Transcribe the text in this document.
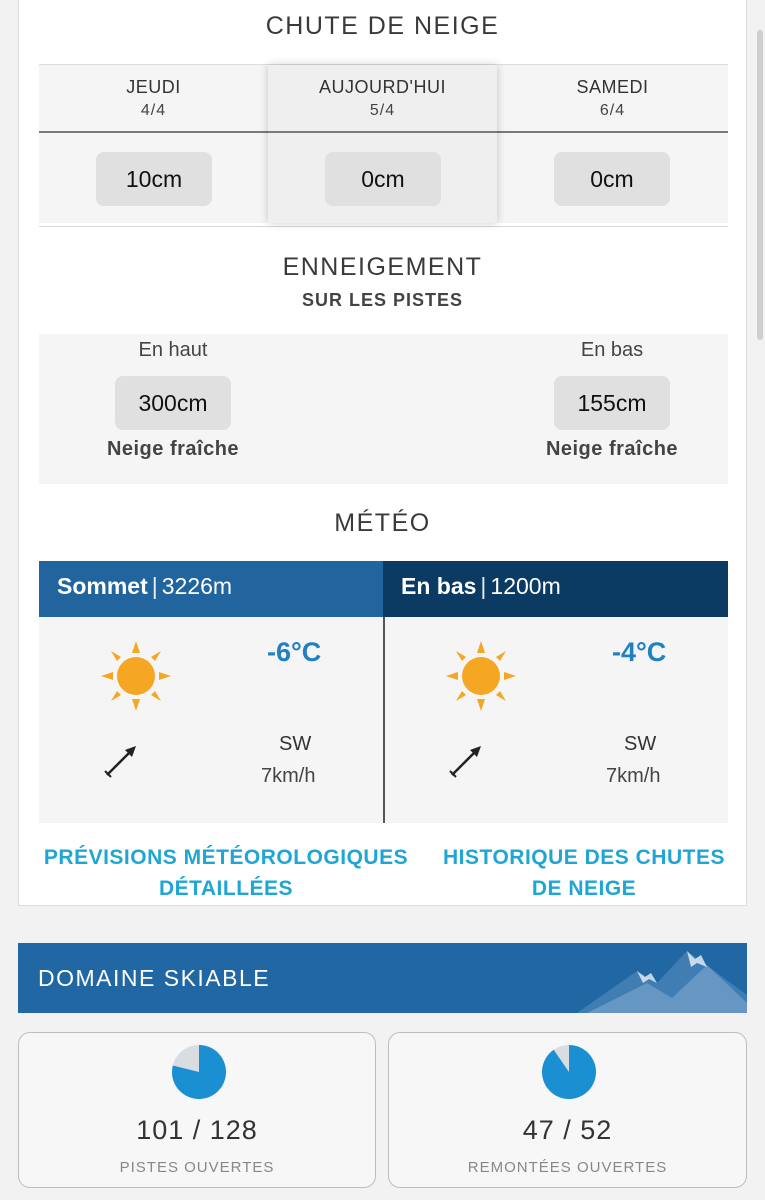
CHUTE DE NEIGE
JEUDI
4/4
10cm
AUJOURD'HUI
5/4
0cm
SAMEDI
6/4
0cm
ENNEIGEMENT
SUR LES PISTES
En haut
300cm
Neige fraîche
En bas
155cm
Neige fraîche
MÉTÉO
Sommet | 3226m	En bas | 1200m
-6°C
SW
7km/h
-4°C
SW
7km/h
PRÉVISIONS MÉTÉOROLOGIQUES DÉTAILLÉES
HISTORIQUE DES CHUTES DE NEIGE
DOMAINE SKIABLE
101 / 128
PISTES OUVERTES
47 / 52
REMONTÉES OUVERTES
